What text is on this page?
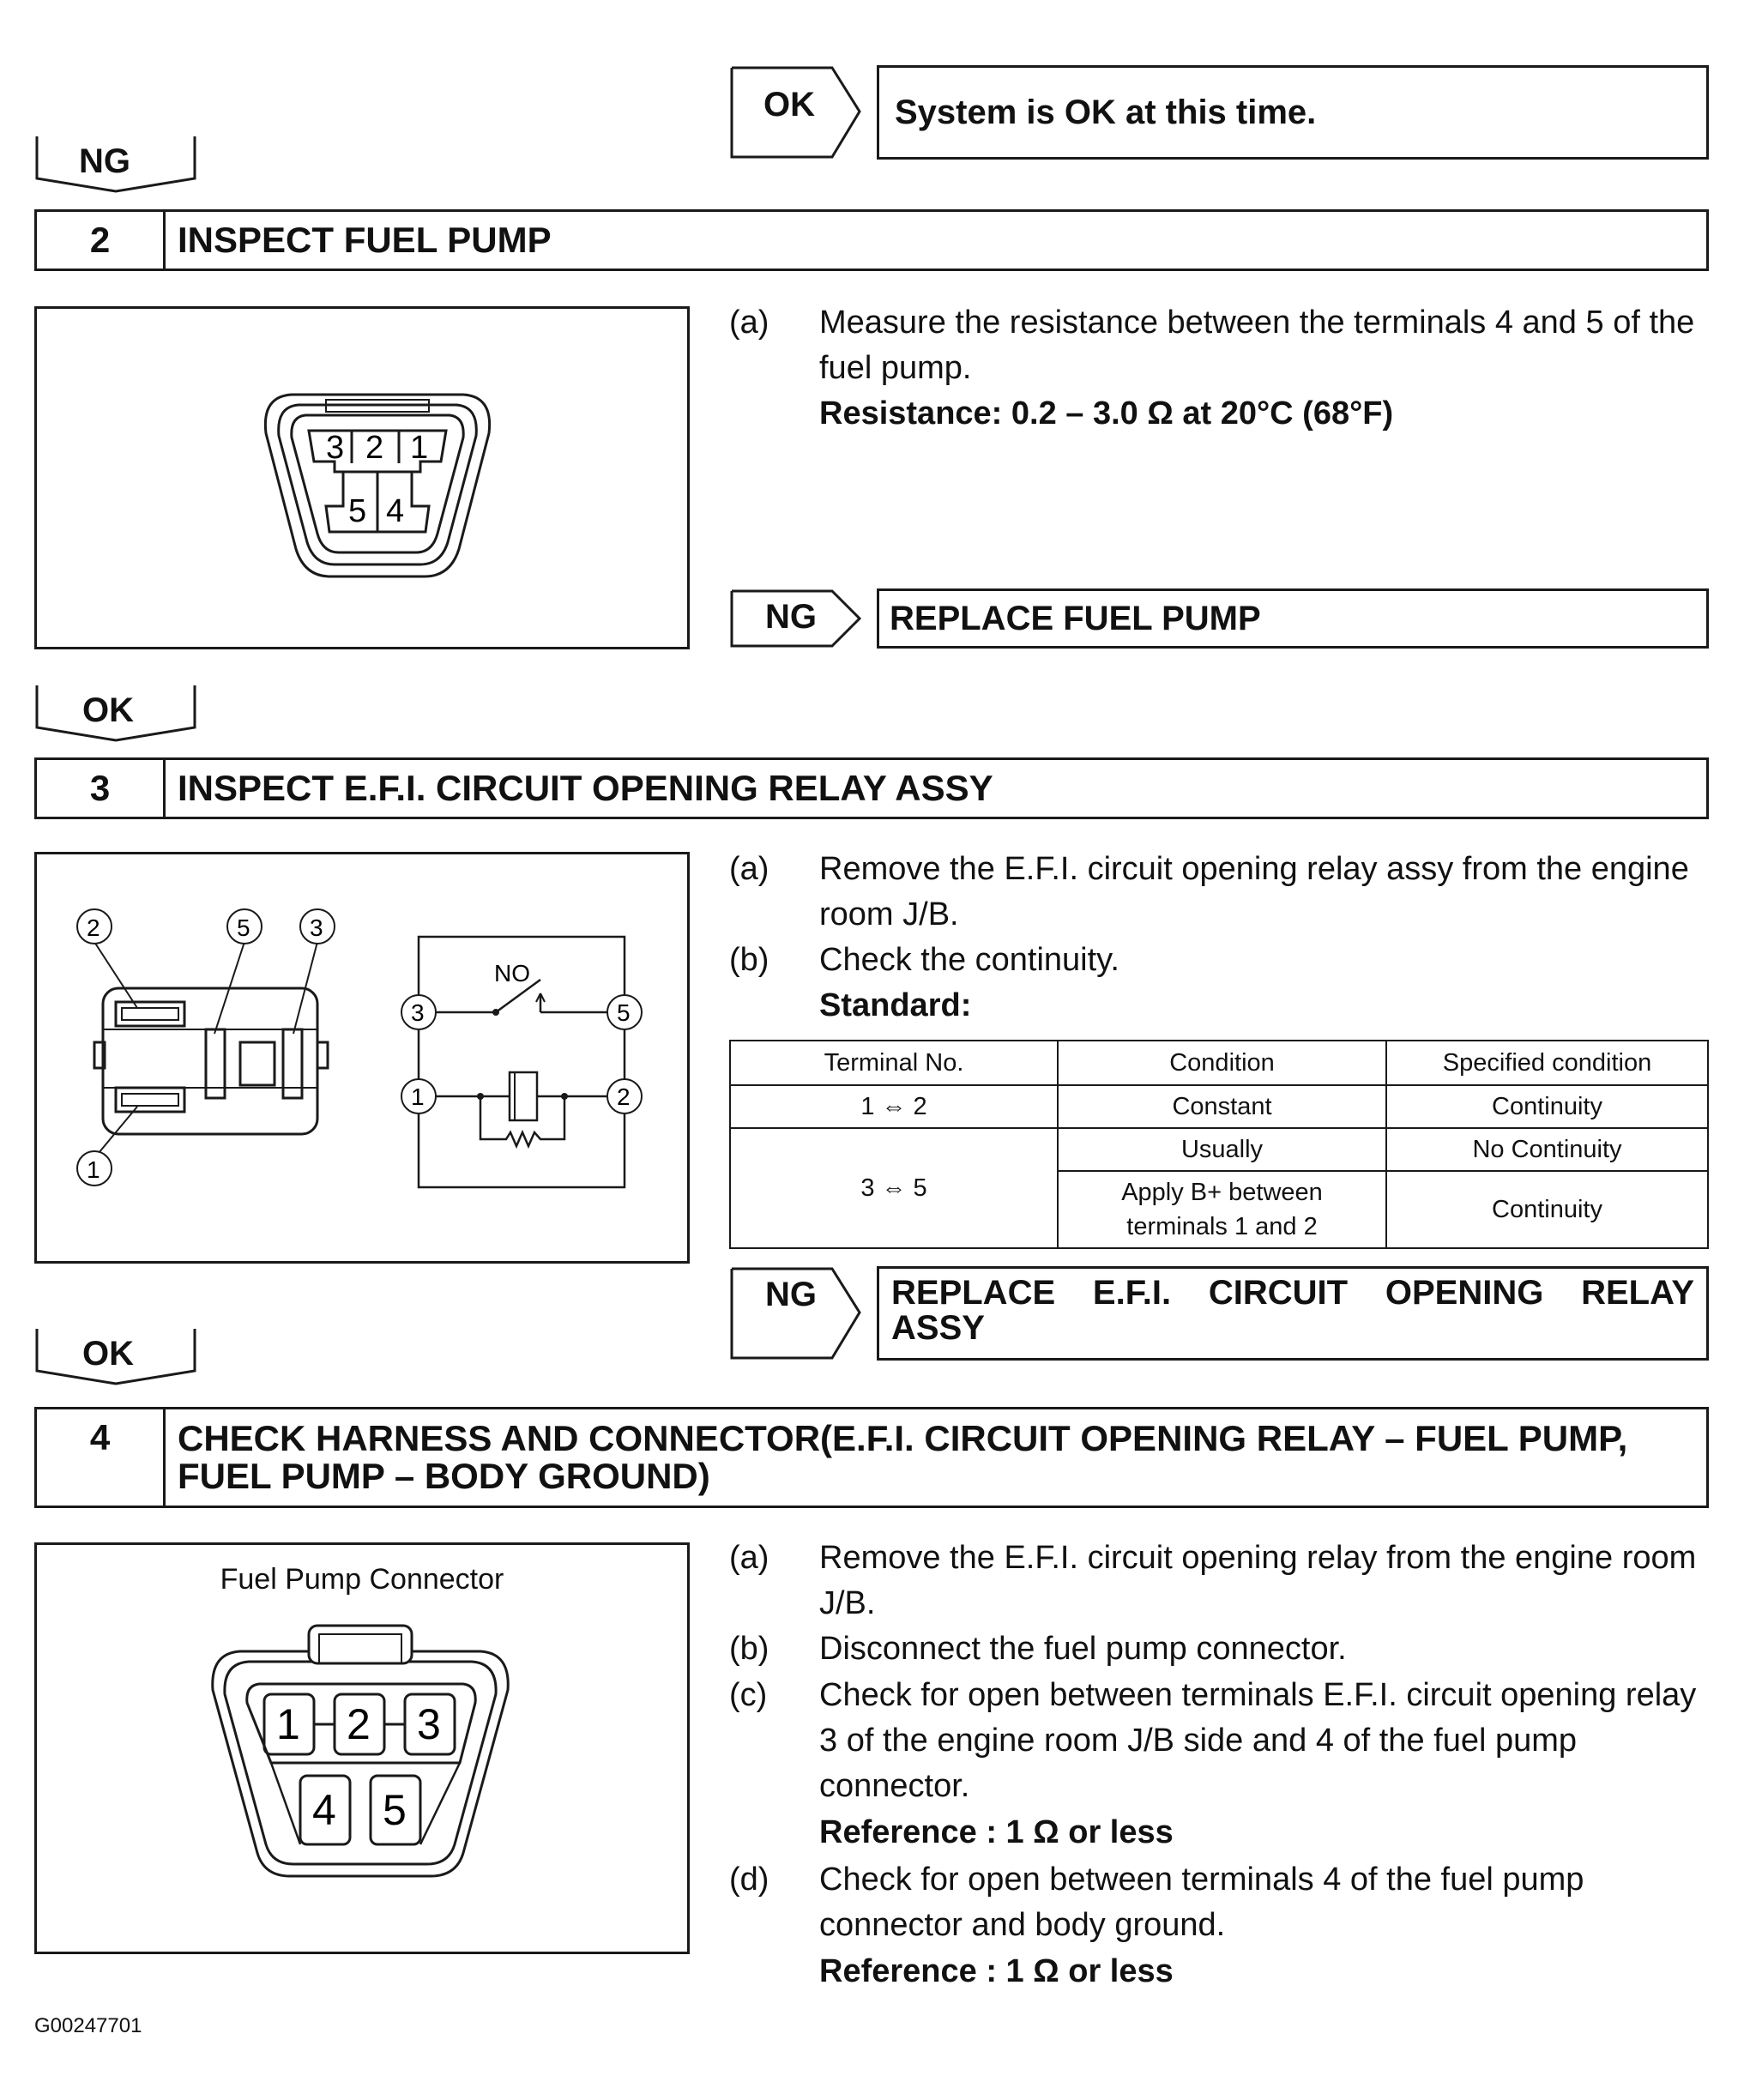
OK	System is OK at this time.
NG
2	INSPECT FUEL PUMP
3 2 1
5 4
(a) Measure the resistance between the terminals 4 and 5 of the fuel pump.
Resistance: 0.2 – 3.0 Ω at 20°C (68°F)
NG	REPLACE FUEL PUMP
OK
3	INSPECT E.F.I. CIRCUIT OPENING RELAY ASSY
2	5 3
1
NO
3	5
1	2
(a) Remove the E.F.I. circuit opening relay assy from the engine room J/B.
(b) Check the continuity.
Standard:
Terminal No.	Condition	Specified condition
1 ⇔ 2	Constant	Continuity
3 ⇔ 5	Usually	No Continuity
	Apply B+ between terminals 1 and 2	Continuity
NG	REPLACE E.F.I. CIRCUIT OPENING RELAY ASSY
OK
4	CHECK HARNESS AND CONNECTOR(E.F.I. CIRCUIT OPENING RELAY – FUEL PUMP, FUEL PUMP – BODY GROUND)
Fuel Pump Connector
1 2 3
4 5
(a) Remove the E.F.I. circuit opening relay from the engine room J/B.
(b) Disconnect the fuel pump connector.
(c) Check for open between terminals E.F.I. circuit opening relay 3 of the engine room J/B side and 4 of the fuel pump connector.
Reference : 1 Ω or less
(d) Check for open between terminals 4 of the fuel pump connector and body ground.
Reference : 1 Ω or less
G00247701
